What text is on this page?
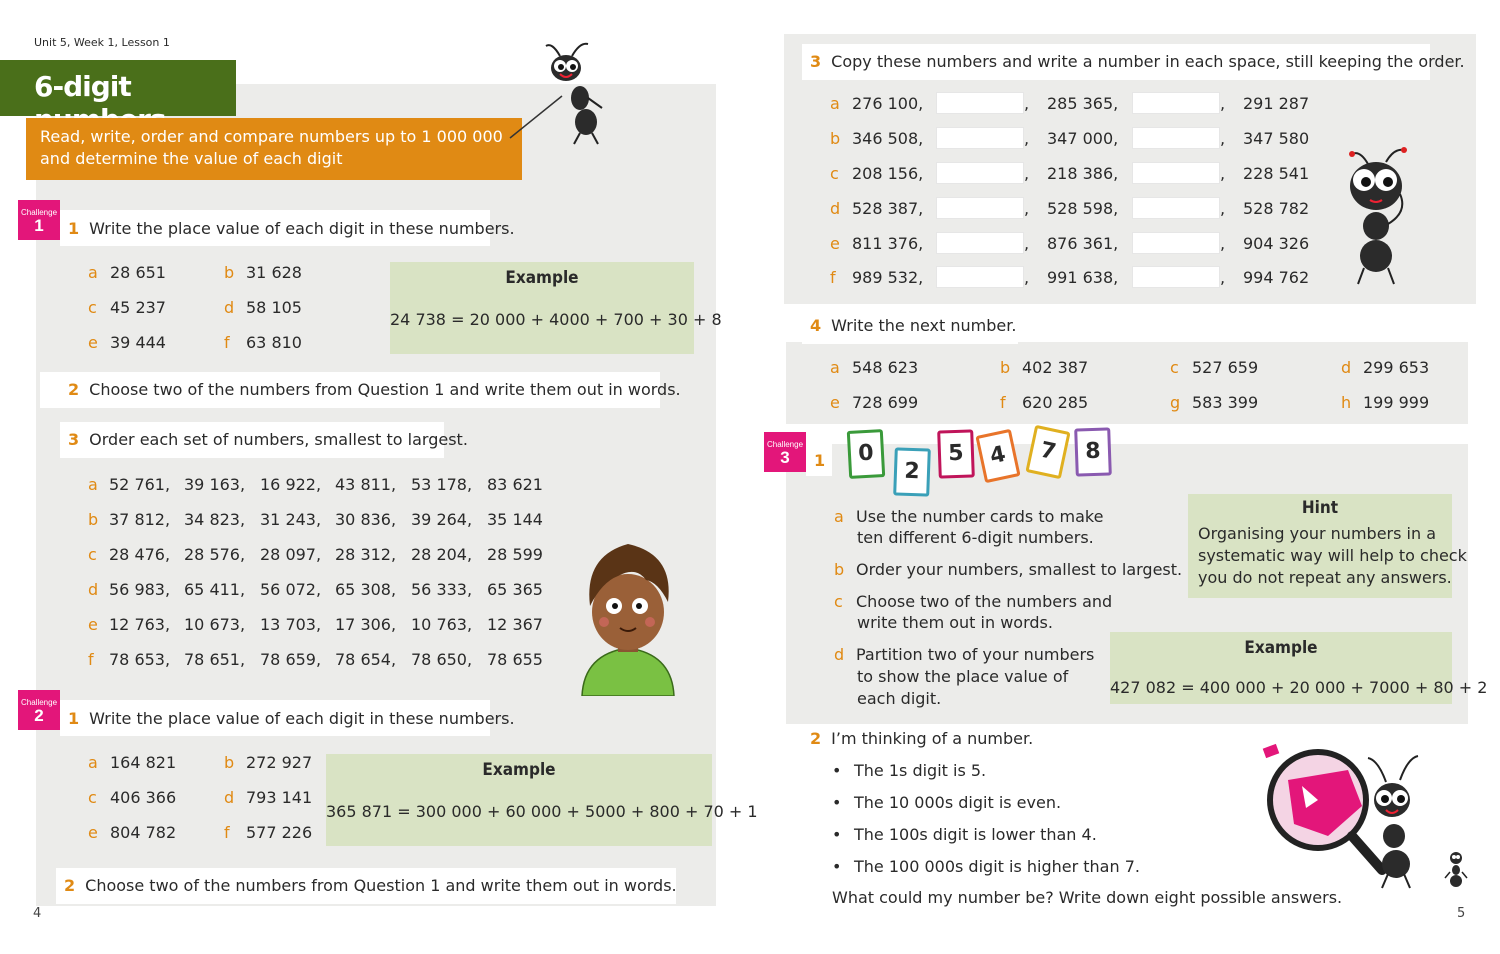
Unit 5, Week 1, Lesson 1
6-digit
Read, write, order and compare numbers up to 1 000 000
and determine the value of each digit
Challenge
1	1 Write the place value of each digit in these numbers.
a 28 651	b 31 628
c 45 237	d 58 105
e 39 444	f 63 810
Example
24 738 = 20 000 + 4000 + 700 + 30 + 8
2 Choose two of the numbers from Question 1 and write them out in words.
3 Order each set of numbers, smallest to largest.
a 52 761, 39 163, 16 922, 43 811, 53 178, 83 621
b 37 812, 34 823, 31 243, 30 836, 39 264, 35 144
c 28 476, 28 576, 28 097, 28 312, 28 204, 28 599
d 56 983, 65 411, 56 072, 65 308, 56 333, 65 365
e 12 763, 10 673, 13 703, 17 306, 10 763, 12 367
f 78 653, 78 651, 78 659, 78 654, 78 650, 78 655
Challenge
2	1 Write the place value of each digit in these numbers.
a 164 821	b 272 927
c 406 366	d 793 141
e 804 782	f 577 226
Example
365 871 = 300 000 + 60 000 + 5000 + 800 + 70 + 1
2 Choose two of the numbers from Question 1 and write them out in words.
4
3 Copy these numbers and write a number in each space, still keeping the order.
a 276 100,	, 285 365,	, 291 287
b 346 508,	, 347 000,	, 347 580
c 208 156,	, 218 386,	, 228 541
d 528 387,	, 528 598,	, 528 782
e 811 376,	, 876 361,	, 904 326
f 989 532,	, 991 638,	, 994 762
4 Write the next number.
a 548 623	b 402 387	c 527 659	d 299 653
e 728 699	f 620 285	g 583 399	h 199 999
Challenge
3	1	0
2
5	4	7	8
a Use the number cards to make
ten different 6-digit numbers.
b Order your numbers, smallest to largest.
c Choose two of the numbers and
write them out in words.
d Partition two of your numbers
to show the place value of
each digit.
Hint
Organising your numbers in a
systematic way will help to check
you do not repeat any answers.
Example
427 082 = 400 000 + 20 000 + 7000 + 80 + 2
2 I’m thinking of a number.
• The 1s digit is 5.
• The 10 000s digit is even.
• The 100s digit is lower than 4.
• The 100 000s digit is higher than 7.
What could my number be? Write down eight possible answers.
5
